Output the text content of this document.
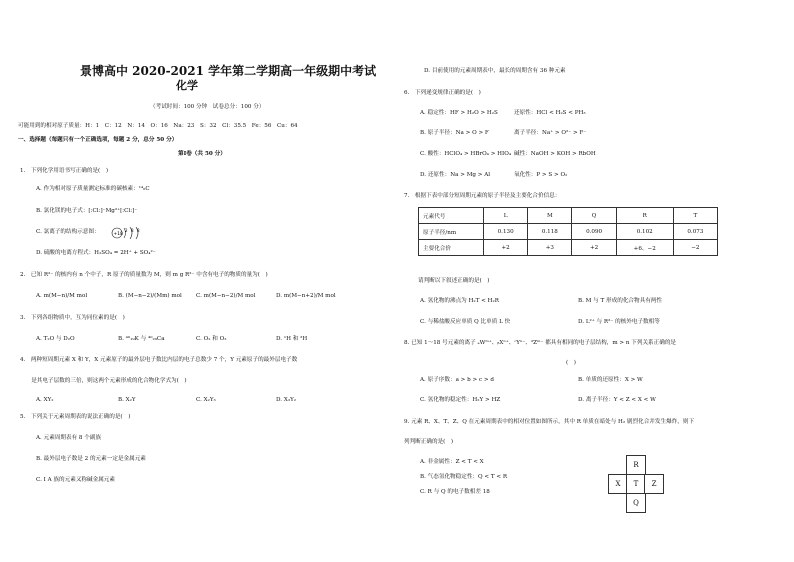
景博高中 2020-2021 学年第二学期高一年级期中考试
化学
（考试时间：100 分钟　试卷总分：100 分）
可能用到的相对原子质量：H：1　C：12　N：14　O：16　Na：23　S：32　Cl：35.5　Fe：56　Cu：64
一、选择题（每题只有一个正确选项，每题 2 分，总分 50 分）
第Ⅰ卷（共 50 分）
1.　下列化学用语书写正确的是(　)
A. 作为相对原子质量测定标准的碳核素：¹⁴₆C
B. 氯化镁的电子式：[:Cl:]⁻Mg²⁺[:Cl:]⁻
C. 氯离子的结构示意图：	+18
2 8 8
D. 硫酸的电离方程式：H₂SO₄ = 2H⁺ + SO₄²⁻
2.　已知 R²⁻ 的核内有 n 个中子，R 原子的质量数为 M，则 m g R²⁻ 中含有电子的物质的量为(　)
A. m(M−n)/M mol	B. (M−n−2)/(Mm) mol	C. m(M−n−2)/M mol	D. m(M−n+2)/M mol
3.　下列各组物质中，互为同位素的是(　)
A. T₂O 与 D₂O	B. ⁴⁰₁₉K 与 ⁴⁰₂₀Ca	C. O₂ 和 O₃	D. ¹H 和 ²H
4.　两种短周期元素 X 和 Y，X 元素原子的最外层电子数比内层的电子总数少 7 个，Y 元素原子的最外层电子数
　　是其电子层数的三倍，则这两个元素形成的化合物化学式为(　)
A. XY₂	B. X₂Y	C. X₂Y₃	D. X₃Y₂
5.　下列关于元素周期表的说法正确的是(　)
A. 元素周期表有 8 个副族
B. 最外层电子数是 2 的元素一定是金属元素
C. Ⅰ A 族的元素又称碱金属元素
D. 目前使用的元素周期表中，最长的周期含有 36 种元素
6.　下列递变规律正确的是(　)
A. 稳定性：HF > H₂O > H₂S	还原性：HCl < H₂S < PH₃
B. 原子半径：Na > O > F	离子半径：Na⁺ > O²⁻ > F⁻
C. 酸性：HClO₄ > HBrO₄ > HIO₄ 碱性：NaOH > KOH > RbOH
D. 还原性：Na > Mg > Al	氧化性：P > S > O₂
7.　根据下表中部分短周期元素的原子半径及主要化合价信息：
元素代号	L	M	Q	R	T
原子半径/nm	0.130	0.118	0.090	0.102	0.073
主要化合价	+2	+3	+2	+6、−2	−2
请判断以下叙述正确的是(　)
A. 氢化物的沸点为 H₂T < H₂R	B. M 与 T 形成的化合物具有两性
C. 与稀盐酸反应单质 Q 比单质 L 快	D. L²⁺ 与 R²⁻ 的核外电子数相等
8. 已知 1～18 号元素的离子 ₐWᵐ⁺、ᵦXⁿ⁺、ᶜYⁿ⁻、ᵈZᵐ⁻ 都具有相同的电子层结构，m > n 下列关系正确的是
(　)
A. 原子序数：a > b > c > d	B. 单质的还原性：X > W
C. 氢化物的稳定性：H₂Y > HZ	D. 离子半径：Y < Z < X < W
9. 元素 R、X、T、Z、Q 在元素周期表中的相对位置如图所示，其中 R 单质在暗处与 H₂ 剧烈化合并发生爆炸，则下
列判断正确的是(　)
A. 非金属性：Z < T < X
B. 气态氢化物稳定性：Q < T < R
C. R 与 Q 的电子数相差 18
R
X	T	Z
Q
